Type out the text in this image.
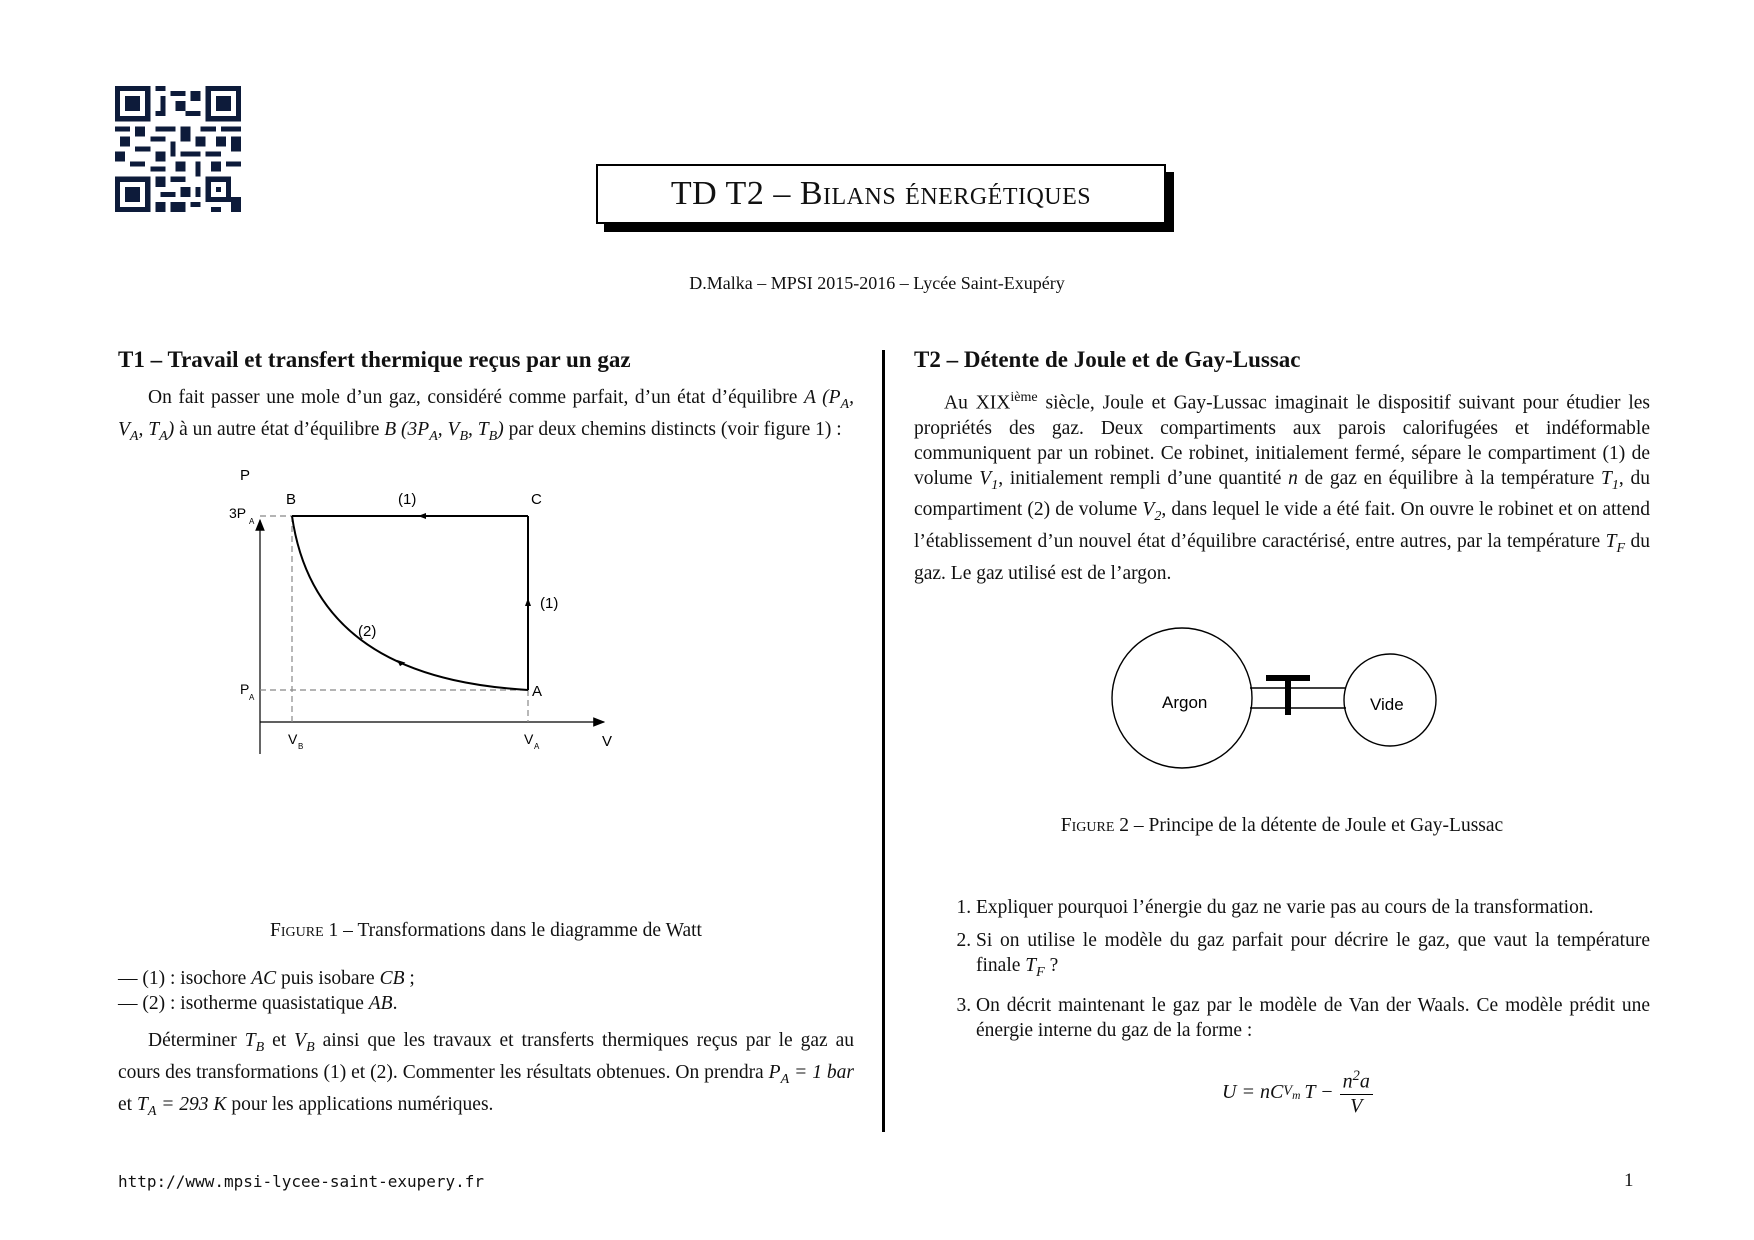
TD T2 – Bilans énergétiques
D.Malka – MPSI 2015-2016 – Lycée Saint-Exupéry
T1 – Travail et transfert thermique reçus par un gaz

On fait passer une mole d’un gaz, considéré comme parfait, d’un état d’équilibre A ($P_A$, $V_A$, $T_A$) à un autre état d’équilibre B ($3P_A$, $V_B$, $T_B$) par deux chemins distincts (voir figure 1) :

P
B	C
A
(1)
(1)
(2)
3P
A
P
A
V B	V A	V
Figure 1 – Transformations dans le diagramme de Watt
— (1) : isochore AC puis isobare CB ;
— (2) : isotherme quasistatique AB.

Déterminer $T_B$ et $V_B$ ainsi que les travaux et transferts thermiques reçus par le gaz au cours des transformations (1) et (2). Commenter les résultats obtenues. On prendra $P_A = 1$ bar et $T_A = 293$ K pour les applications numériques.

T2 – Détente de Joule et de Gay-Lussac

Au XIXième siècle, Joule et Gay-Lussac imaginait le dispositif suivant pour étudier les propriétés des gaz. Deux compartiments aux parois calorifugées et indéformable communiquent par un robinet. Ce robinet, initialement fermé, sépare le compartiment (1) de volume $V_1$, initialement rempli d’une quantité n de gaz en équilibre à la température $T_1$, du compartiment (2) de volume $V_2$, dans lequel le vide a été fait. On ouvre le robinet et on attend l’établissement d’un nouvel état d’équilibre caractérisé, entre autres, par la température $T_F$ du gaz. Le gaz utilisé est de l’argon.

Argon	Vide
Figure 2 – Principe de la détente de Joule et Gay-Lussac
1. Expliquer pourquoi l’énergie du gaz ne varie pas au cours de la transformation.
2. Si on utilise le modèle du gaz parfait pour décrire le gaz, que vaut la température finale $T_F$ ?
3. On décrit maintenant le gaz par le modèle de Van der Waals. Ce modèle prédit une énergie interne du gaz de la forme :
U = nC $V_m$ $T - \frac{n^2a}{V}$
http://www.mpsi-lycee-saint-exupery.fr	1
